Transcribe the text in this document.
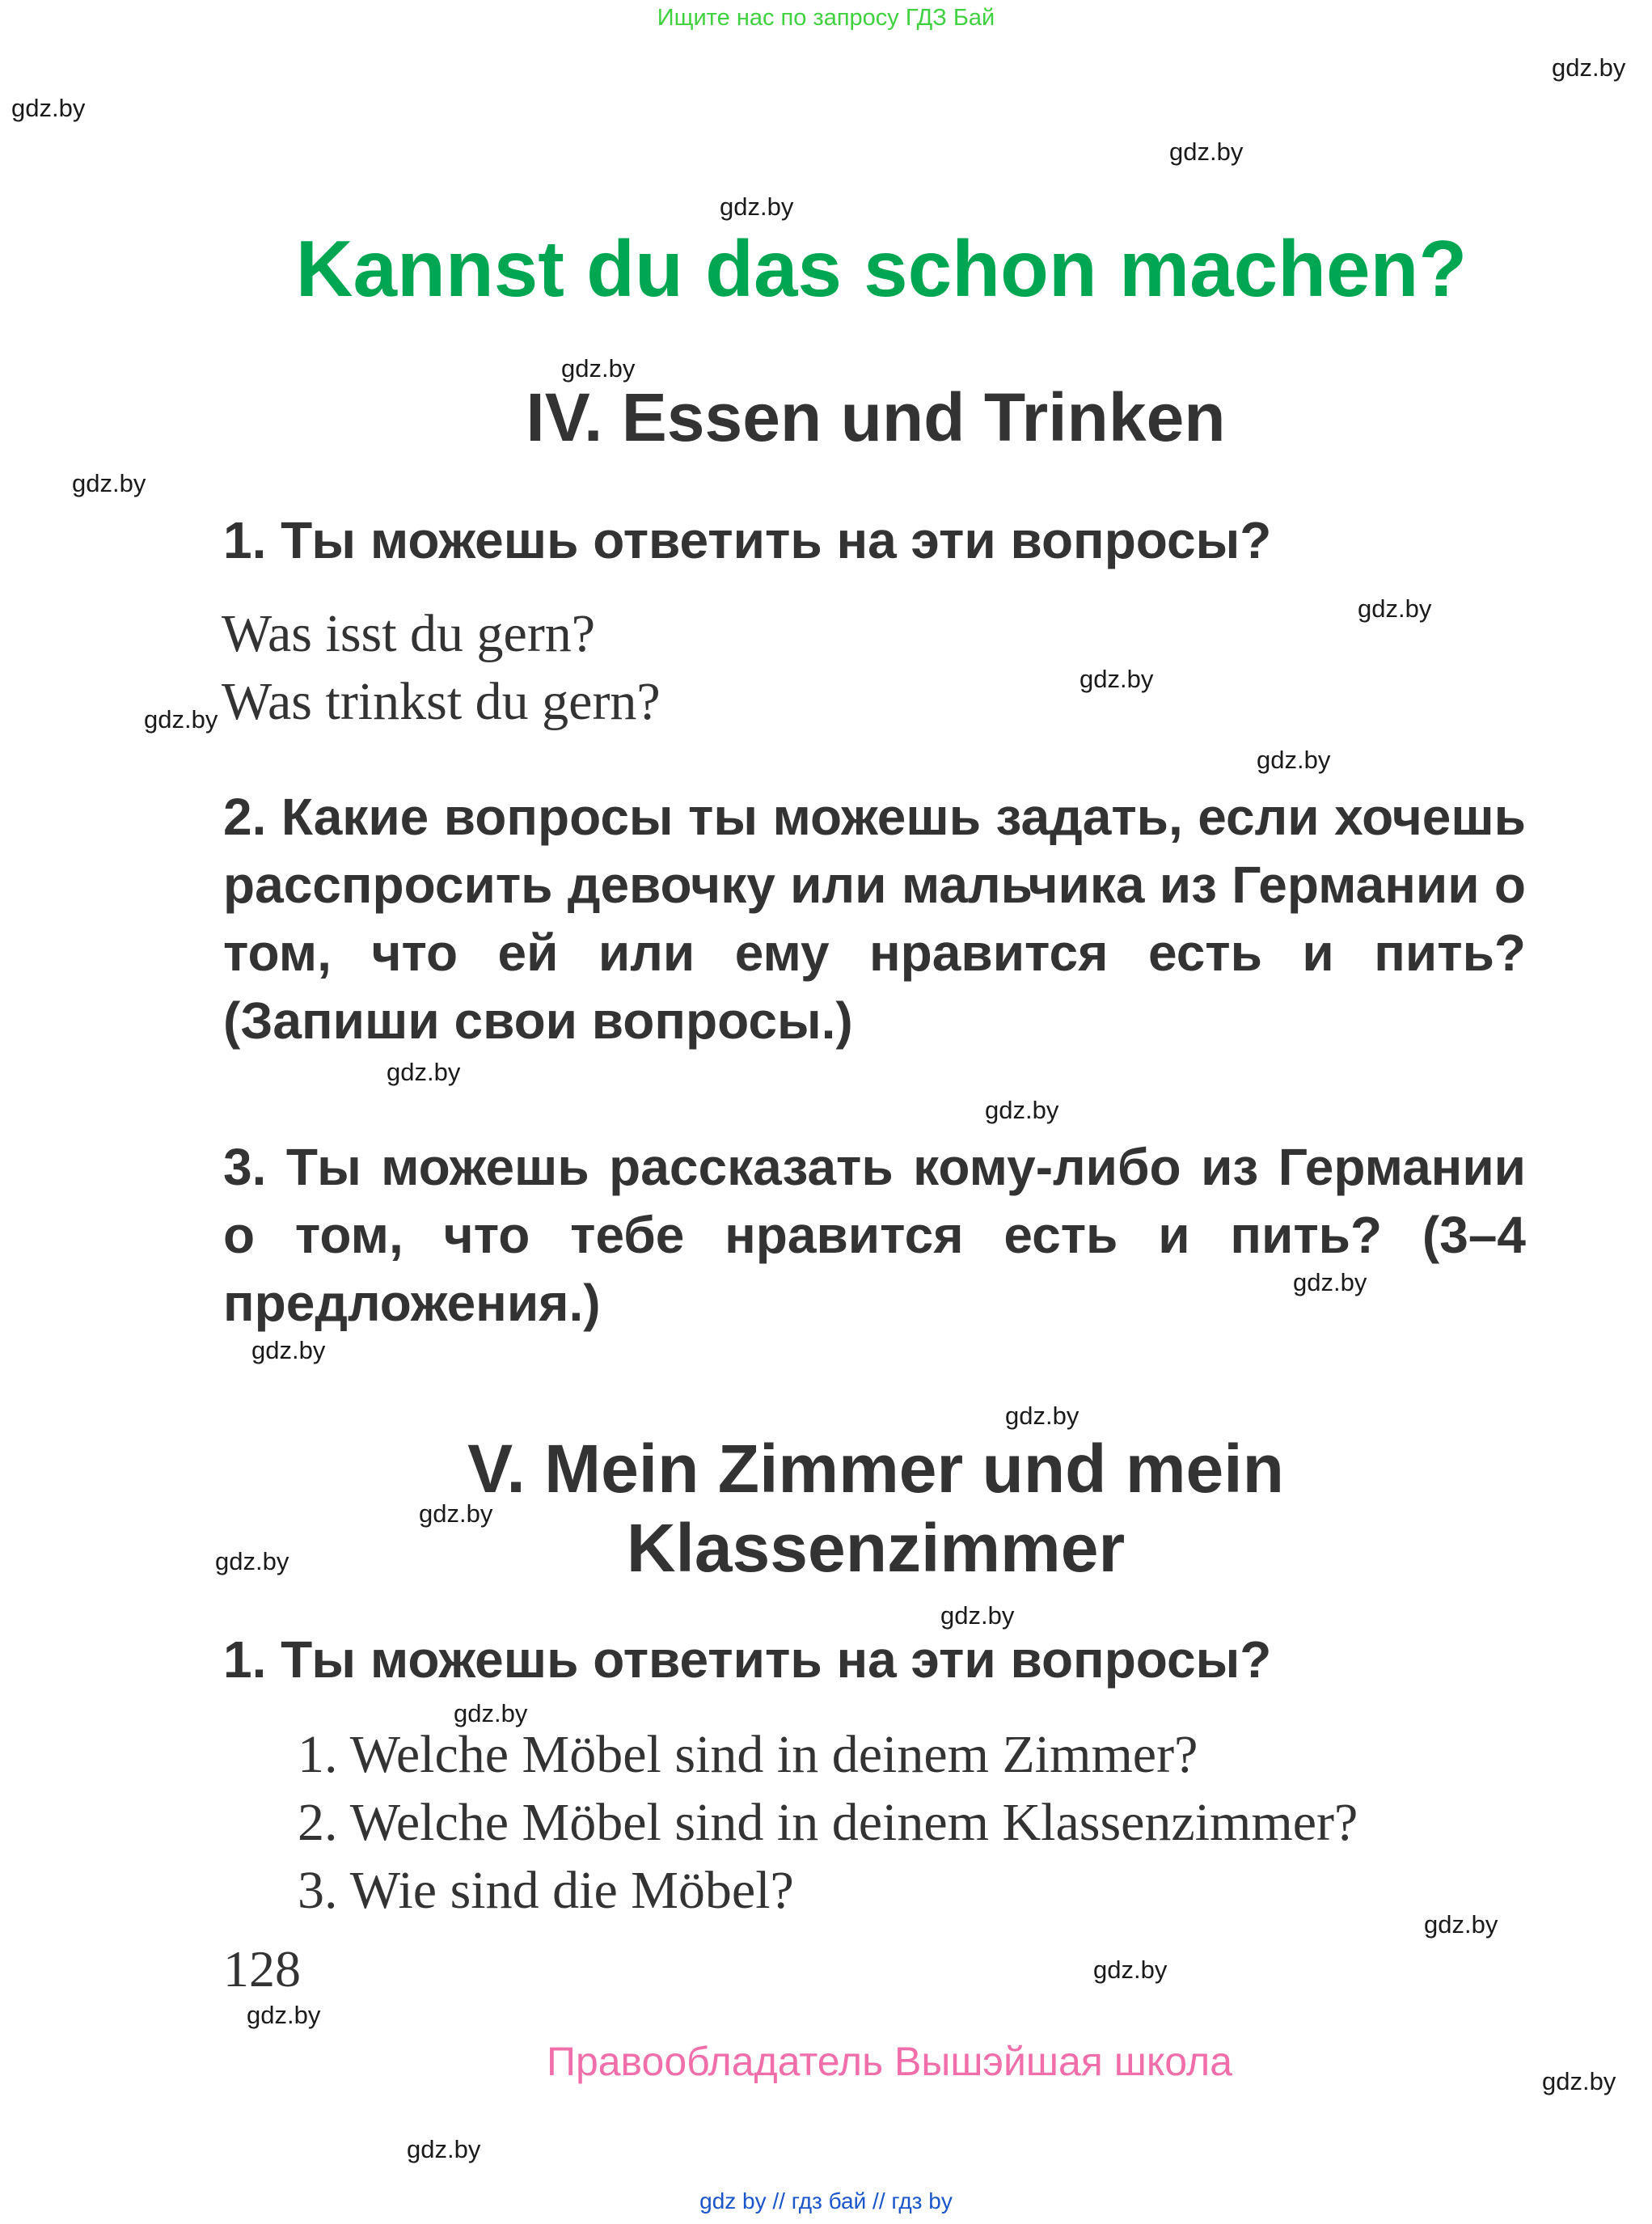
Ищите нас по запросу ГДЗ Бай
gdz.by
gdz.by
gdz.by
gdz.by
gdz.by
gdz.by
gdz.by
gdz.by
gdz.by
gdz.by
gdz.by
gdz.by
gdz.by
gdz.by
gdz.by
gdz.by
gdz.by
gdz.by
gdz.by
gdz.by
gdz.by
gdz.by
gdz.by
gdz.by
Kannst du das schon machen?
IV. Essen und Trinken
1. Ты можешь ответить на эти вопросы?
Was isst du gern?
Was trinkst du gern?
2. Какие вопросы ты можешь задать, если хочешь расспросить девочку или мальчика из Германии о том, что ей или ему нравится есть и пить? (Запиши свои вопросы.)
3. Ты можешь рассказать кому-либо из Германии о том, что тебе нравится есть и пить? (3–4 предложения.)
V. Mein Zimmer und mein
Klassenzimmer
1. Ты можешь ответить на эти вопросы?
1. Welche Möbel sind in deinem Zimmer?
2. Welche Möbel sind in deinem Klassenzimmer?
3. Wie sind die Möbel?
128
Правообладатель Вышэйшая школа
gdz by // гдз бай // гдз by
